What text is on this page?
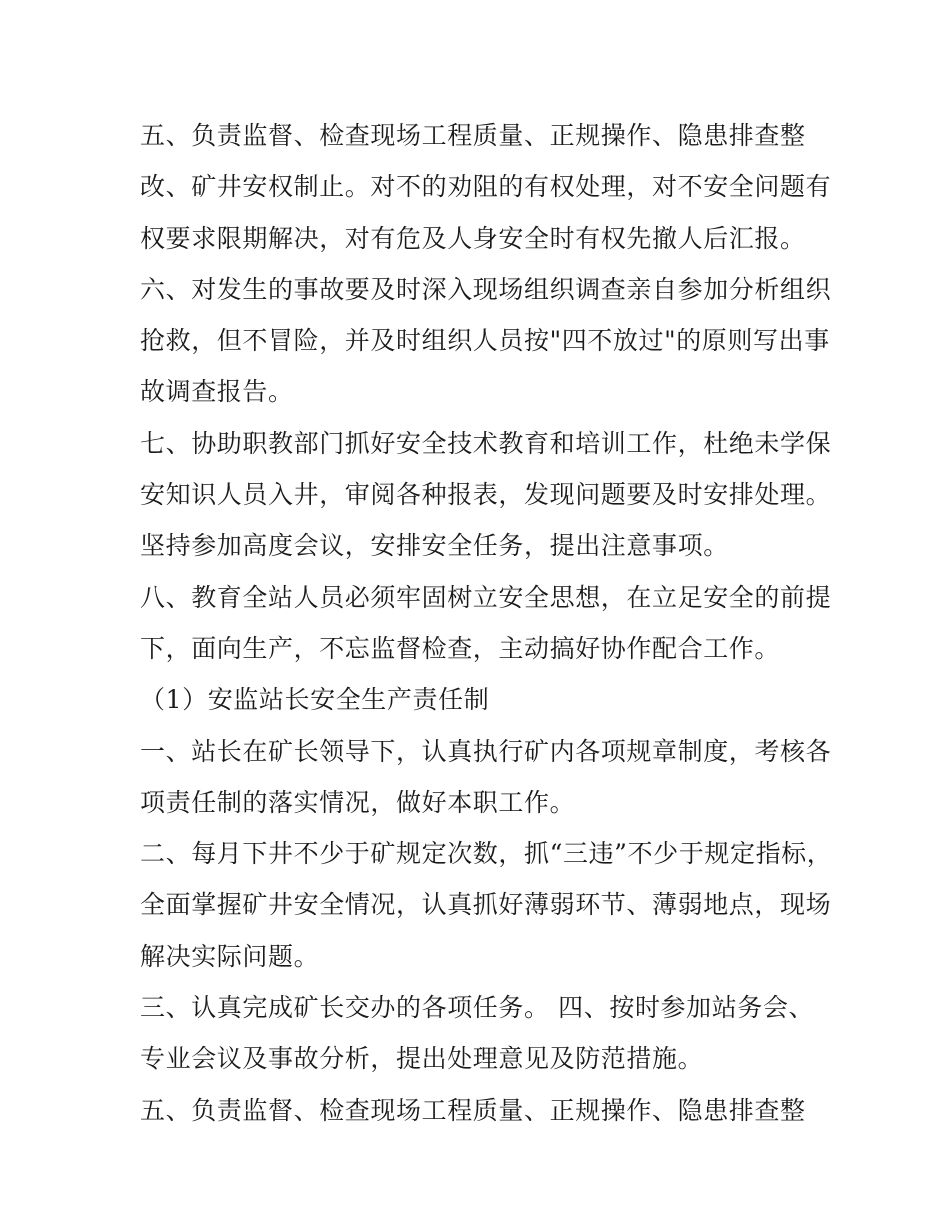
五、负责监督、检查现场工程质量、正规操作、隐患排查整
改、矿井安权制止。对不的劝阻的有权处理，对不安全问题有
权要求限期解决，对有危及人身安全时有权先撤人后汇报。
六、对发生的事故要及时深入现场组织调查亲自参加分析组织
抢救，但不冒险，并及时组织人员按"四不放过"的原则写出事
故调查报告。
七、协助职教部门抓好安全技术教育和培训工作，杜绝未学保
安知识人员入井，审阅各种报表，发现问题要及时安排处理。
坚持参加高度会议，安排安全任务，提出注意事项。
八、教育全站人员必须牢固树立安全思想，在立足安全的前提
下，面向生产，不忘监督检查，主动搞好协作配合工作。
（1）安监站长安全生产责任制
一、站长在矿长领导下，认真执行矿内各项规章制度，考核各
项责任制的落实情况，做好本职工作。
二、每月下井不少于矿规定次数，抓“三违”不少于规定指标，
全面掌握矿井安全情况，认真抓好薄弱环节、薄弱地点，现场
解决实际问题。
三、认真完成矿长交办的各项任务。 四、按时参加站务会、
专业会议及事故分析，提出处理意见及防范措施。
五、负责监督、检查现场工程质量、正规操作、隐患排查整
